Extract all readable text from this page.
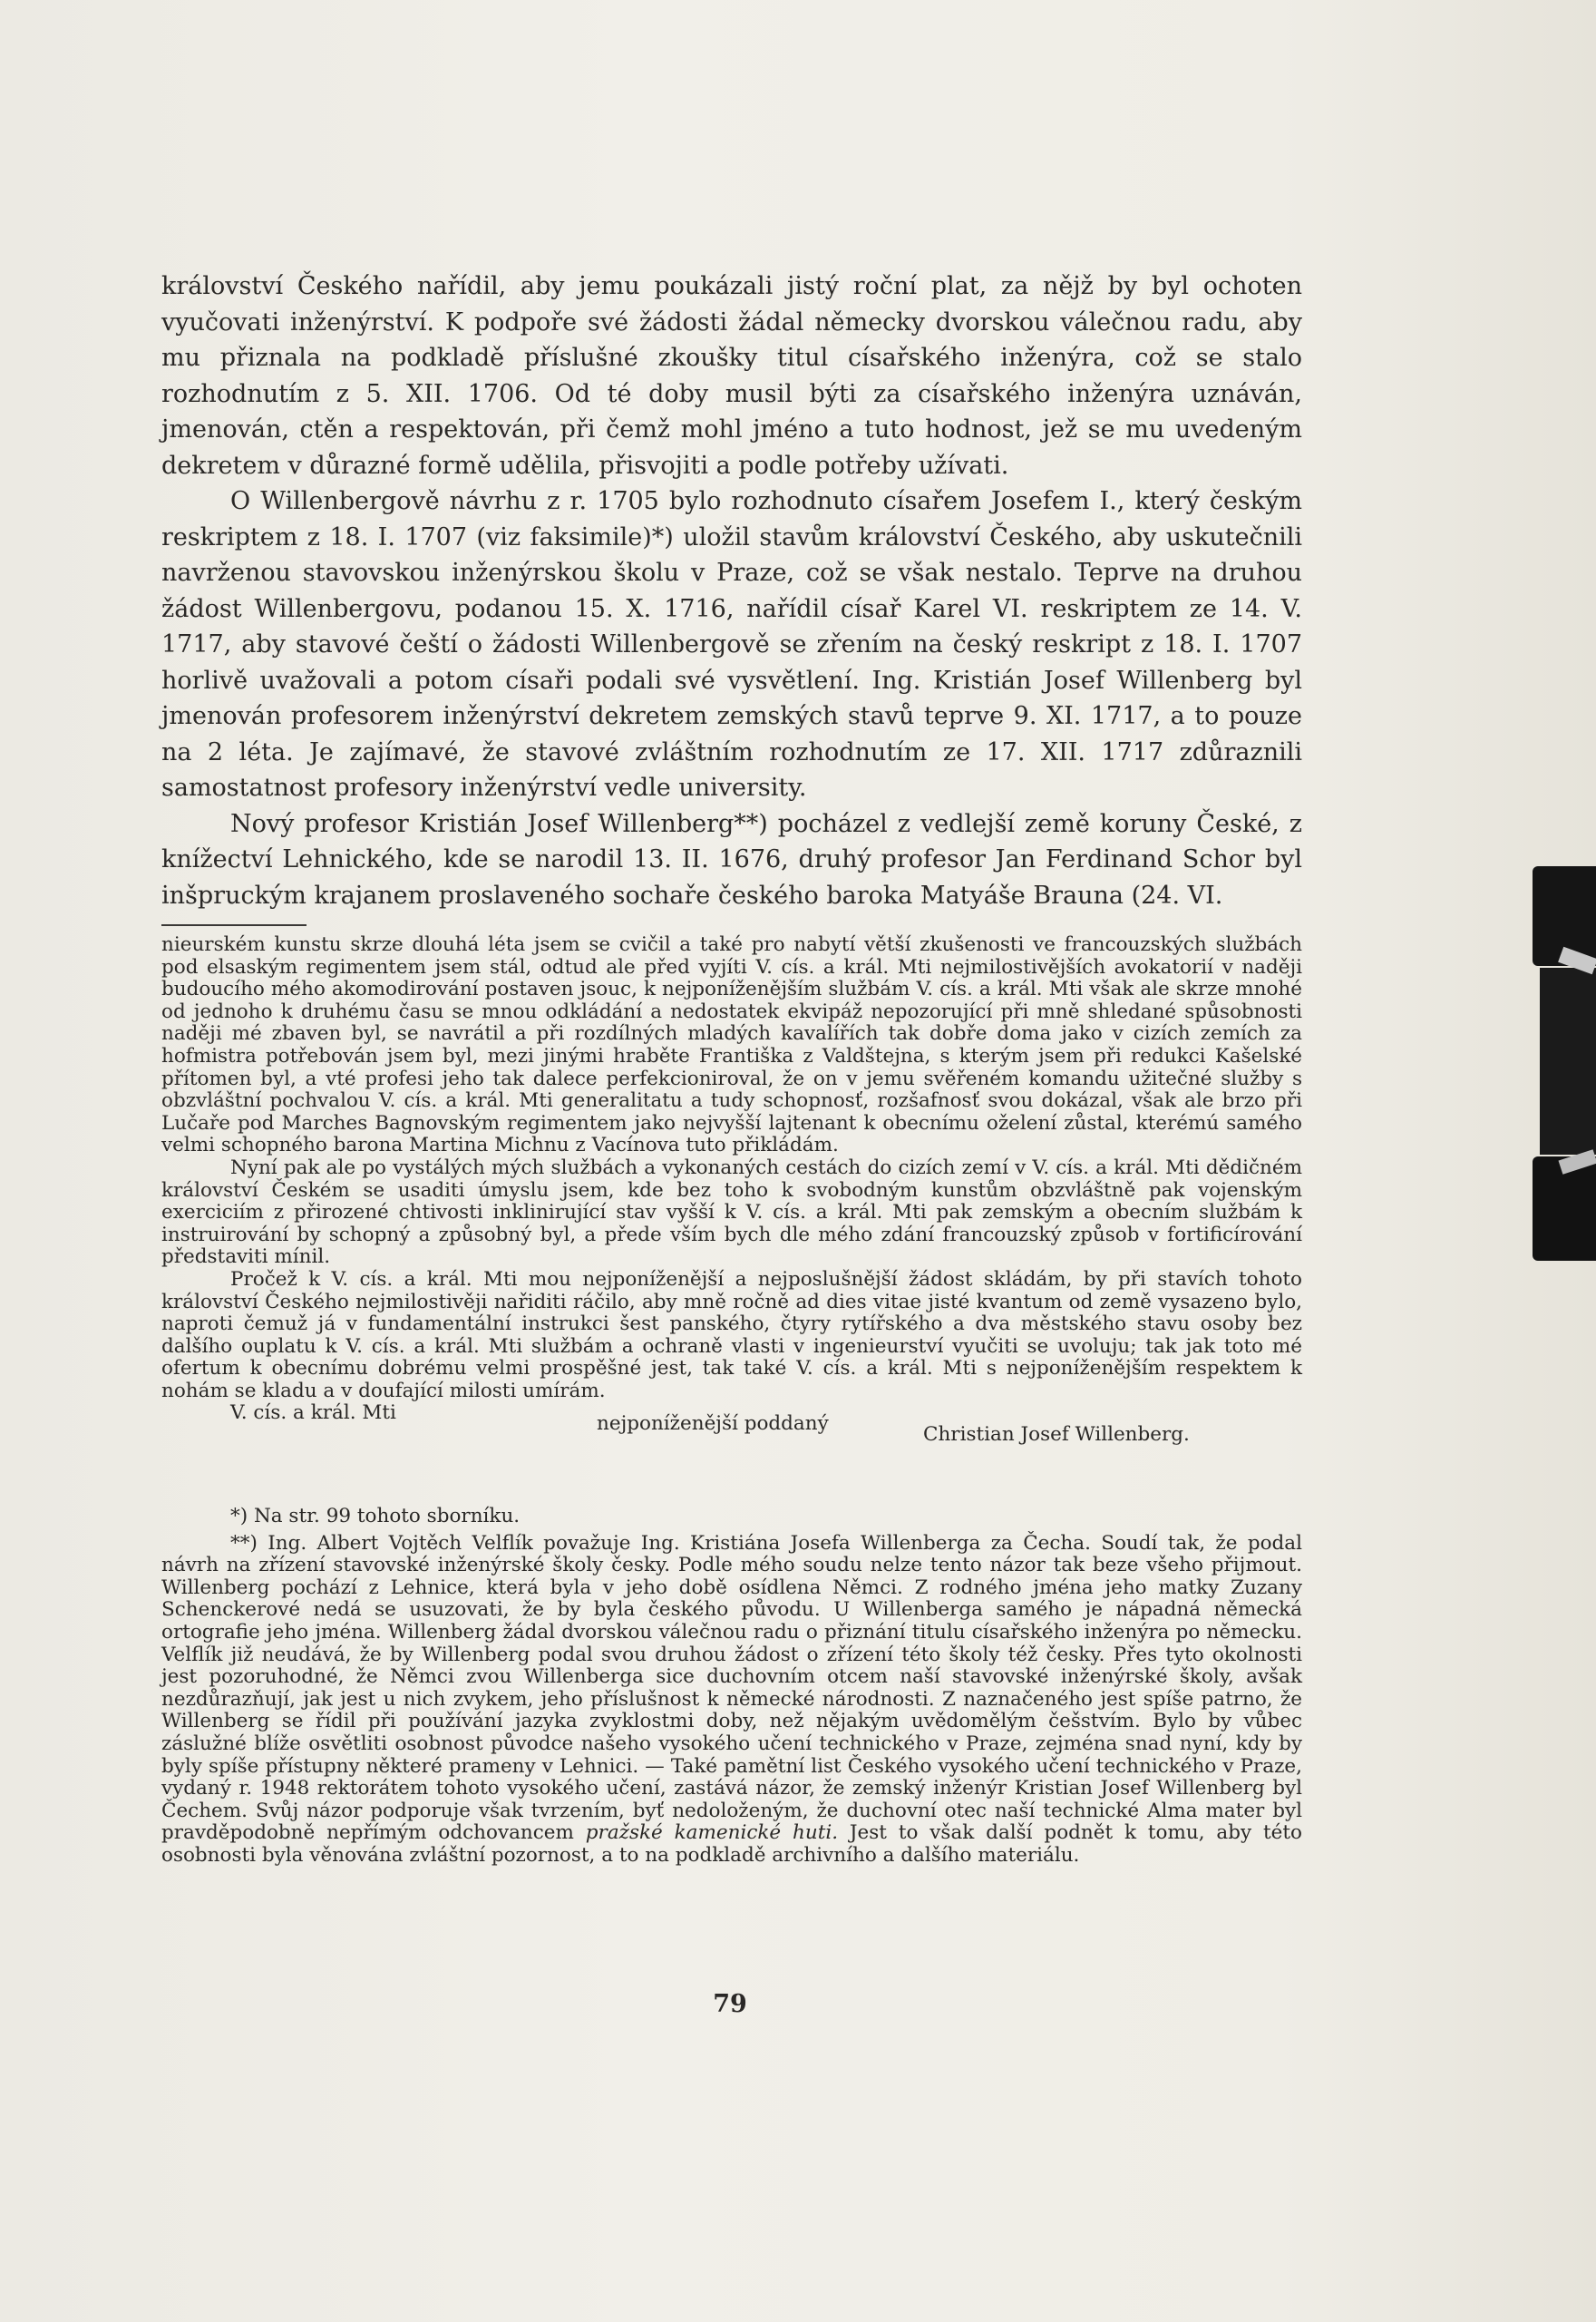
království Českého nařídil, aby jemu poukázali jistý roční plat, za nějž by byl ochoten vyučovati inženýrství. K podpoře své žádosti žádal německy dvorskou válečnou radu, aby mu přiznala na podkladě příslušné zkoušky titul císařského inženýra, což se stalo rozhodnutím z 5. XII. 1706. Od té doby musil býti za císařského inženýra uznáván, jmenován, ctěn a respektován, při čemž mohl jméno a tuto hodnost, jež se mu uvedeným dekretem v důrazné formě udělila, přisvojiti a podle potřeby užívati.

O Willenbergově návrhu z r. 1705 bylo rozhodnuto císařem Josefem I., který českým reskriptem z 18. I. 1707 (viz faksimile)*) uložil stavům království Českého, aby uskutečnili navrženou stavovskou inženýrskou školu v Praze, což se však nestalo. Teprve na druhou žádost Willenbergovu, podanou 15. X. 1716, nařídil císař Karel VI. reskriptem ze 14. V. 1717, aby stavové čeští o žádosti Willenbergově se zřením na český reskript z 18. I. 1707 horlivě uvažovali a potom císaři podali své vysvětlení. Ing. Kristián Josef Willenberg byl jmenován profesorem inženýrství dekretem zemských stavů teprve 9. XI. 1717, a to pouze na 2 léta. Je zajímavé, že stavové zvláštním rozhodnutím ze 17. XII. 1717 zdůraznili samostatnost profesory inženýrství vedle university.

Nový profesor Kristián Josef Willenberg**) pocházel z vedlejší země koruny České, z knížectví Lehnického, kde se narodil 13. II. 1676, druhý profesor Jan Ferdinand Schor byl inšpruckým krajanem proslaveného sochaře českého baroka Matyáše Brauna (24. VI.

nieurském kunstu skrze dlouhá léta jsem se cvičil a také pro nabytí větší zkušenosti ve francouzských službách pod elsaským regimentem jsem stál, odtud ale před vyjíti V. cís. a král. Mti nejmilostivějších avokatorií v naději budoucího mého akomodirování postaven jsouc, k nejponíženějším službám V. cís. a král. Mti však ale skrze mnohé od jednoho k druhému času se mnou odkládání a nedostatek ekvipáž nepozorující při mně shledané spůsobnosti naději mé zbaven byl, se navrátil a při rozdílných mladých kavalířích tak dobře doma jako v cizích zemích za hofmistra potřebován jsem byl, mezi jinými hraběte Františka z Valdštejna, s kterým jsem při redukci Kašelské přítomen byl, a vté profesi jeho tak dalece perfekcioniroval, že on v jemu svěřeném komandu užitečné služby s obzvláštní pochvalou V. cís. a král. Mti generalitatu a tudy schopnosť, rozšafnosť svou dokázal, však ale brzo při Lučaře pod Marches Bagnovským regimentem jako nejvyšší lajtenant k obecnímu oželení zůstal, kterémú samého velmi schopného barona Martina Michnu z Vacínova tuto přikládám.

Nyní pak ale po vystálých mých službách a vykonaných cestách do cizích zemí v V. cís. a král. Mti dědičném království Českém se usaditi úmyslu jsem, kde bez toho k svobodným kunstům obzvláštně pak vojenským exerciciím z přirozené chtivosti inklinirující stav vyšší k V. cís. a král. Mti pak zemským a obecním službám k instruirování by schopný a způsobný byl, a přede vším bych dle mého zdání francouzský způsob v fortificírování představiti mínil.

Pročež k V. cís. a král. Mti mou nejponíženější a nejposlušnější žádost skládám, by při stavích tohoto království Českého nejmilostivěji nařiditi ráčilo, aby mně ročně ad dies vitae jisté kvantum od země vysazeno bylo, naproti čemuž já v fundamentální instrukci šest panského, čtyry rytířského a dva městského stavu osoby bez dalšího ouplatu k V. cís. a král. Mti službám a ochraně vlasti v ingenieurství vyučiti se uvoluju; tak jak toto mé ofertum k obecnímu dobrému velmi prospěšné jest, tak také V. cís. a král. Mti s nejponíženějším respektem k nohám se kladu a v doufající milosti umírám.

V. cís. a král. Mti	nejponíženější poddaný	Christian Josef Willenberg.

*) Na str. 99 tohoto sborníku.

**) Ing. Albert Vojtěch Velflík považuje Ing. Kristiána Josefa Willenberga za Čecha. Soudí tak, že podal návrh na zřízení stavovské inženýrské školy česky. Podle mého soudu nelze tento názor tak beze všeho přijmout. Willenberg pochází z Lehnice, která byla v jeho době osídlena Němci. Z rodného jména jeho matky Zuzany Schenckerové nedá se usuzovati, že by byla českého původu. U Willenberga samého je nápadná německá ortografie jeho jména. Willenberg žádal dvorskou válečnou radu o přiznání titulu císařského inženýra po německu. Velflík již neudává, že by Willenberg podal svou druhou žádost o zřízení této školy též česky. Přes tyto okolnosti jest pozoruhodné, že Němci zvou Willenberga sice duchovním otcem naší stavovské inženýrské školy, avšak nezdůrazňují, jak jest u nich zvykem, jeho příslušnost k německé národnosti. Z naznačeného jest spíše patrno, že Willenberg se řídil při používání jazyka zvyklostmi doby, než nějakým uvědomělým češstvím. Bylo by vůbec záslužné blíže osvětliti osobnost původce našeho vysokého učení technického v Praze, zejména snad nyní, kdy by byly spíše přístupny některé prameny v Lehnici. — Také pamětní list Českého vysokého učení technického v Praze, vydaný r. 1948 rektorátem tohoto vysokého učení, zastává názor, že zemský inženýr Kristian Josef Willenberg byl Čechem. Svůj názor podporuje však tvrzením, byť nedoloženým, že duchovní otec naší technické Alma mater byl pravděpodobně nepřímým odchovancem pražské kamenické huti. Jest to však další podnět k tomu, aby této osobnosti byla věnována zvláštní pozornost, a to na podkladě archivního a dalšího materiálu.

79
